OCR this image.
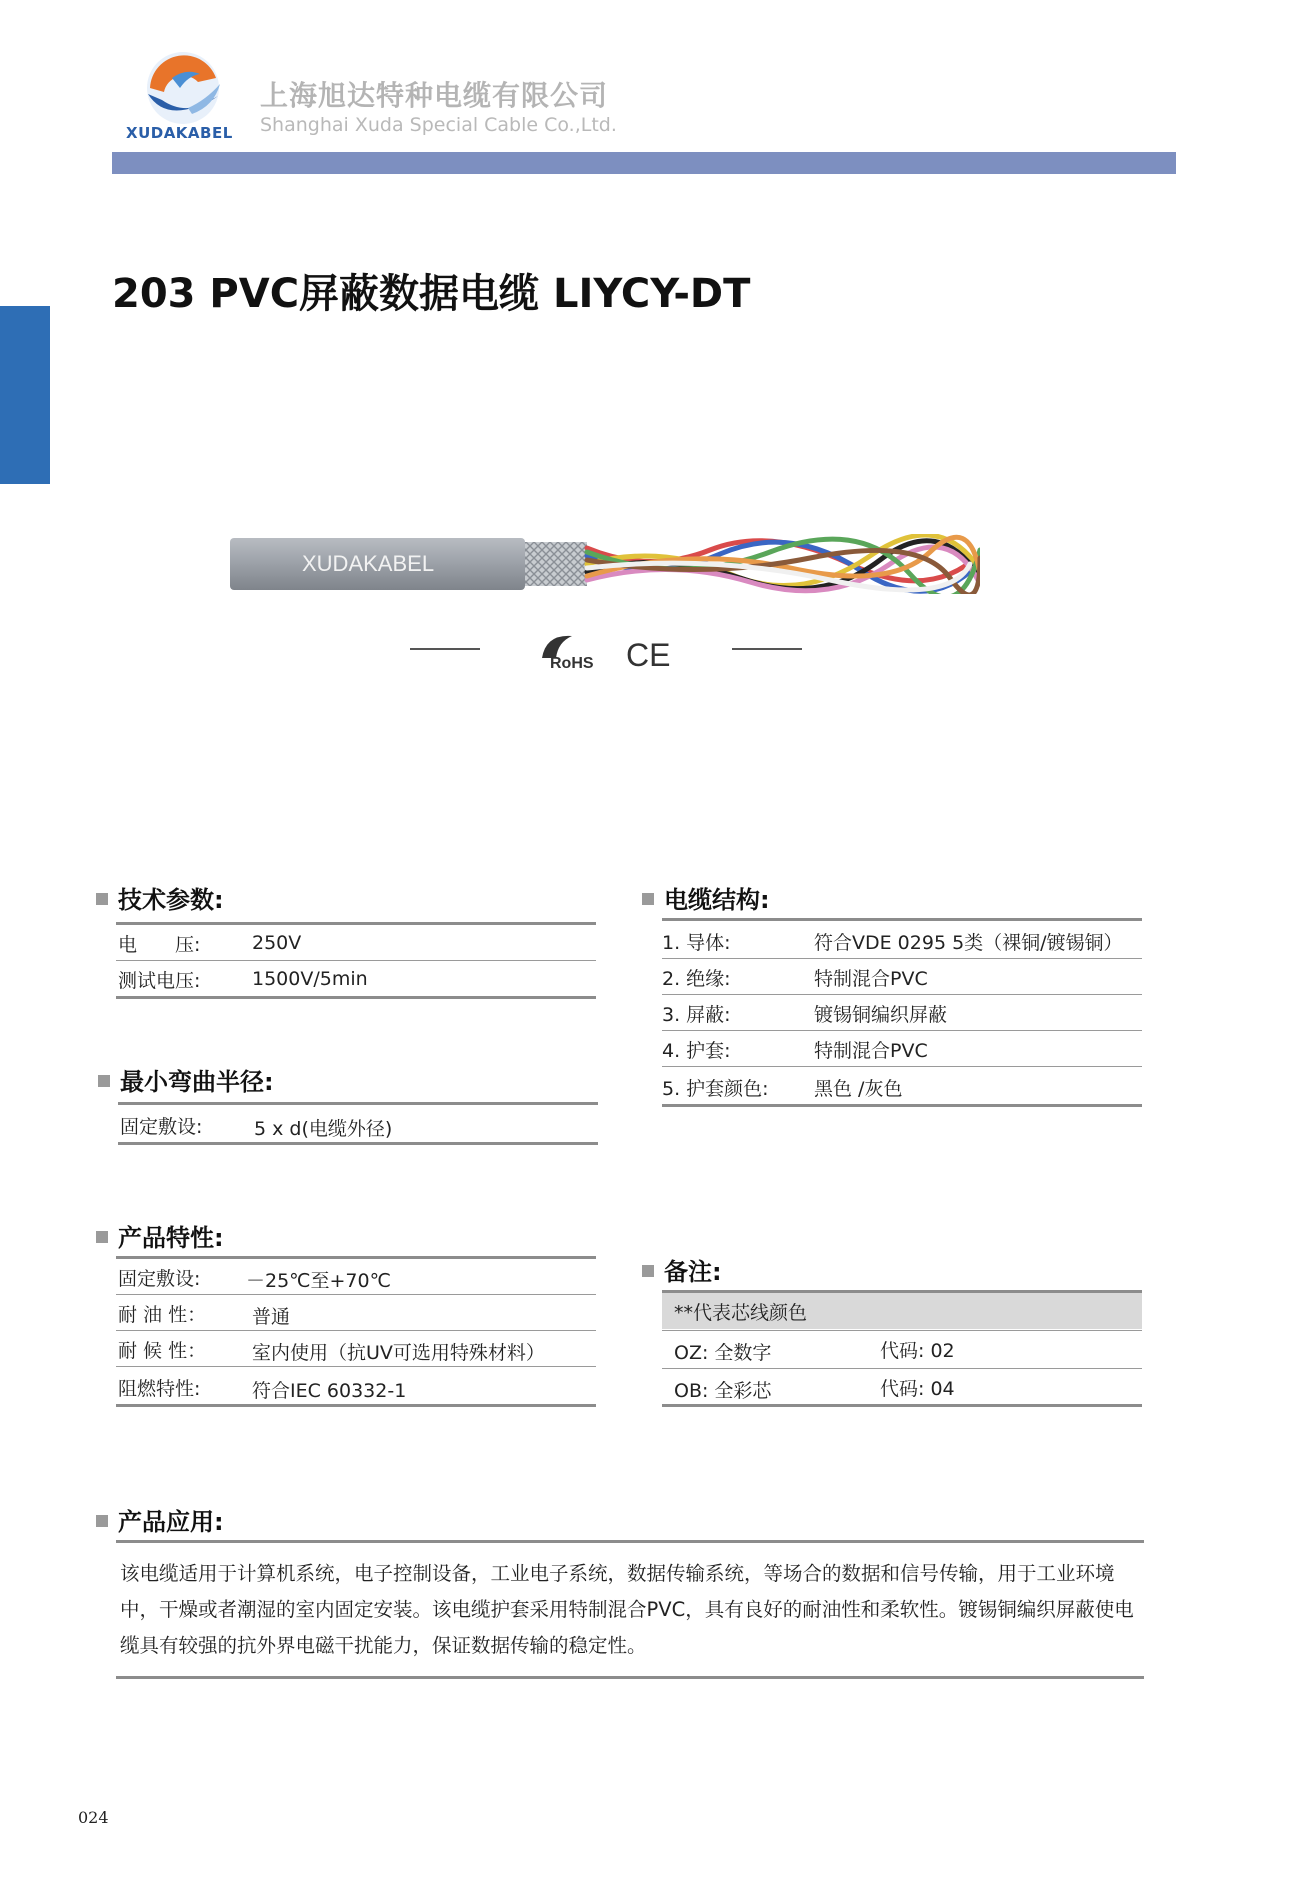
XUDAKABEL
上海旭达特种电缆有限公司
Shanghai Xuda Special Cable Co.,Ltd.
203 PVC屏蔽数据电缆 LIYCY-DT
XUDAKABEL
RoHS CE
技术参数:
电　　压:	250V
测试电压:	1500V/5min
最小弯曲半径:
固定敷设:	5 x d(电缆外径)
产品特性:
固定敷设: －25℃至+70℃
耐 油 性： 普通
耐 候 性： 室内使用（抗UV可选用特殊材料）
阻燃特性:	符合IEC 60332-1
电缆结构:
1. 导体:	符合VDE 0295 5类（裸铜/镀锡铜）
2. 绝缘:	特制混合PVC
3. 屏蔽:	镀锡铜编织屏蔽
4. 护套:	特制混合PVC
5. 护套颜色: 黑色 /灰色
备注:
**代表芯线颜色
OZ: 全数字	代码: 02
OB: 全彩芯	代码: 04
产品应用:
该电缆适用于计算机系统，电子控制设备，工业电子系统，数据传输系统，等场合的数据和信号传输，用于工业环境中，干燥或者潮湿的室内固定安装。该电缆护套采用特制混合PVC，具有良好的耐油性和柔软性。镀锡铜编织屏蔽使电缆具有较强的抗外界电磁干扰能力，保证数据传输的稳定性。
024
